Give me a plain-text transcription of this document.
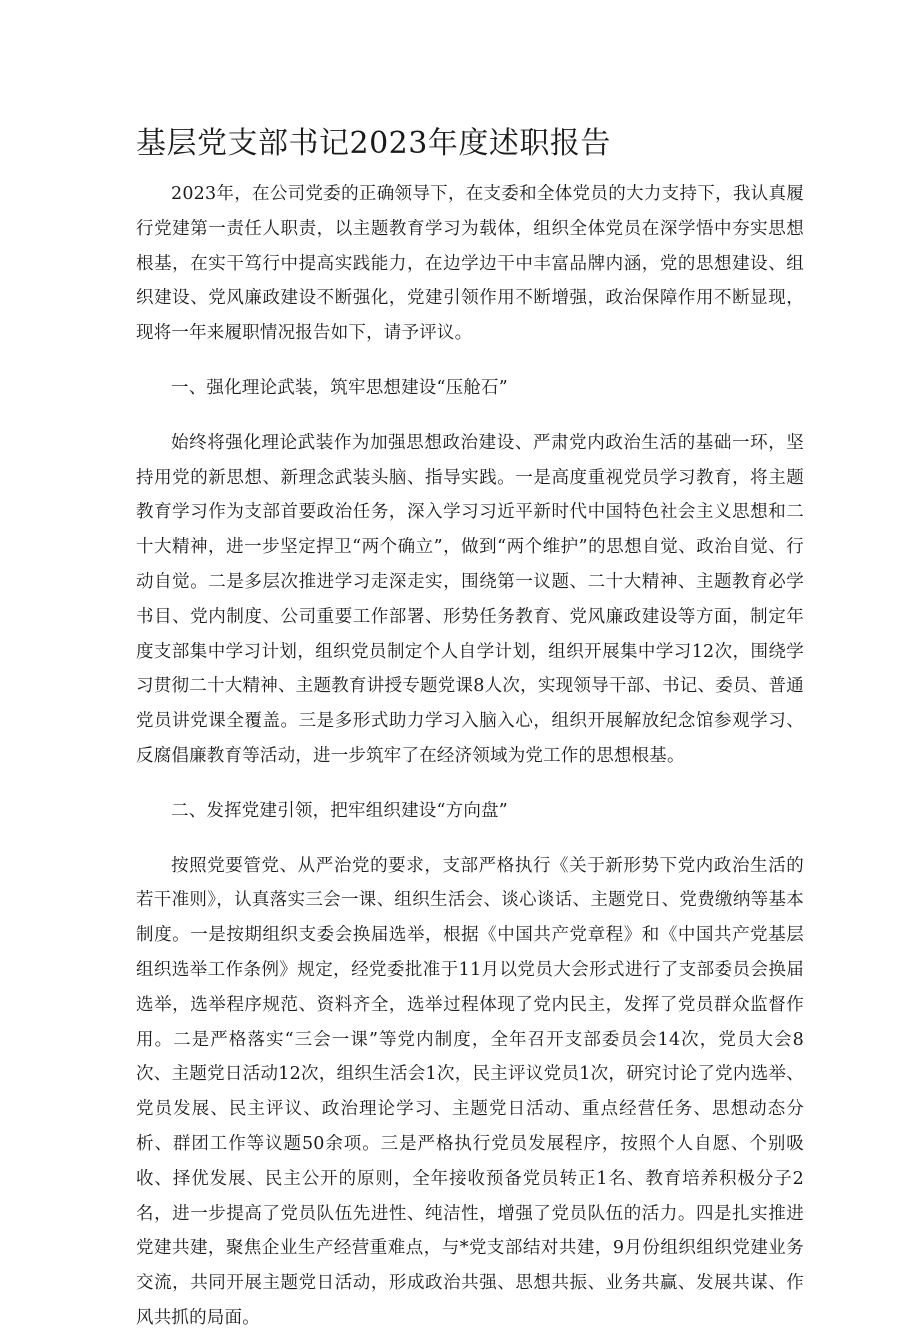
基层党支部书记2023年度述职报告

2023年，在公司党委的正确领导下，在支委和全体党员的大力支持下，我认真履行党建第一责任人职责，以主题教育学习为载体，组织全体党员在深学悟中夯实思想根基，在实干笃行中提高实践能力，在边学边干中丰富品牌内涵，党的思想建设、组织建设、党风廉政建设不断强化，党建引领作用不断增强，政治保障作用不断显现，现将一年来履职情况报告如下，请予评议。

一、强化理论武装，筑牢思想建设“压舱石”

始终将强化理论武装作为加强思想政治建设、严肃党内政治生活的基础一环，坚持用党的新思想、新理念武装头脑、指导实践。一是高度重视党员学习教育，将主题教育学习作为支部首要政治任务，深入学习习近平新时代中国特色社会主义思想和二十大精神，进一步坚定捍卫“两个确立”，做到“两个维护”的思想自觉、政治自觉、行动自觉。二是多层次推进学习走深走实，围绕第一议题、二十大精神、主题教育必学书目、党内制度、公司重要工作部署、形势任务教育、党风廉政建设等方面，制定年度支部集中学习计划，组织党员制定个人自学计划，组织开展集中学习12次，围绕学习贯彻二十大精神、主题教育讲授专题党课8人次，实现领导干部、书记、委员、普通党员讲党课全覆盖。三是多形式助力学习入脑入心，组织开展解放纪念馆参观学习、反腐倡廉教育等活动，进一步筑牢了在经济领域为党工作的思想根基。

二、发挥党建引领，把牢组织建设“方向盘”

按照党要管党、从严治党的要求，支部严格执行《关于新形势下党内政治生活的若干准则》，认真落实三会一课、组织生活会、谈心谈话、主题党日、党费缴纳等基本制度。一是按期组织支委会换届选举，根据《中国共产党章程》和《中国共产党基层组织选举工作条例》规定，经党委批准于11月以党员大会形式进行了支部委员会换届选举，选举程序规范、资料齐全，选举过程体现了党内民主，发挥了党员群众监督作用。二是严格落实“三会一课”等党内制度，全年召开支部委员会14次，党员大会8次、主题党日活动12次，组织生活会1次，民主评议党员1次，研究讨论了党内选举、党员发展、民主评议、政治理论学习、主题党日活动、重点经营任务、思想动态分析、群团工作等议题50余项。三是严格执行党员发展程序，按照个人自愿、个别吸收、择优发展、民主公开的原则，全年接收预备党员转正1名、教育培养积极分子2名，进一步提高了党员队伍先进性、纯洁性，增强了党员队伍的活力。四是扎实推进党建共建，聚焦企业生产经营重难点，与*党支部结对共建，9月份组织组织党建业务交流，共同开展主题党日活动，形成政治共强、思想共振、业务共赢、发展共谋、作风共抓的局面。
